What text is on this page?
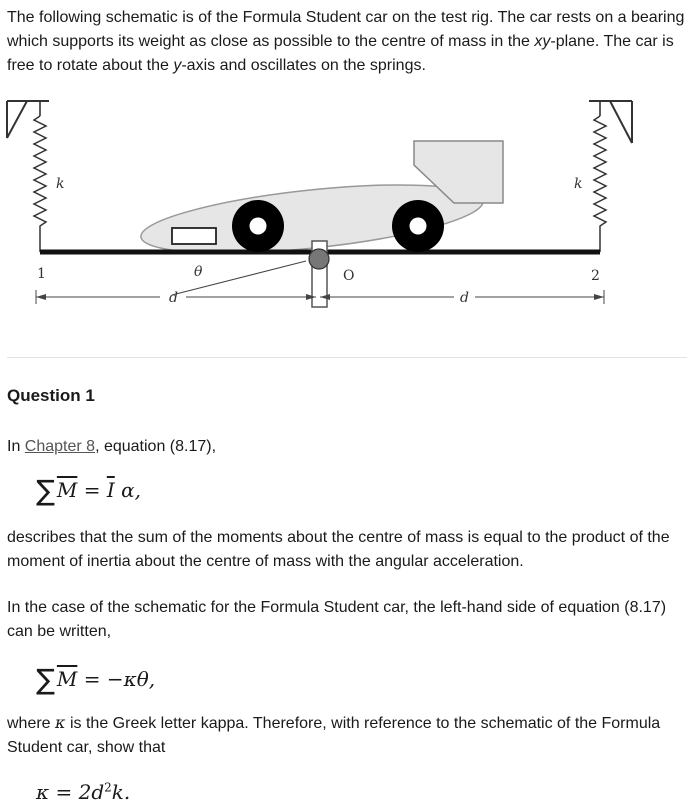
The following schematic is of the Formula Student car on the test rig. The car rests on a bearing which supports its weight as close as possible to the centre of mass in the xy-plane. The car is free to rotate about the y-axis and oscillates on the springs.

θ
k	k
1	2
O
d	d
Question 1

In Chapter 8, equation (8.17),

∑ $\overline{M} = \overline{I}$ α,

describes that the sum of the moments about the centre of mass is equal to the product of the moment of inertia about the centre of mass with the angular acceleration.

In the case of the schematic for the Formula Student car, the left-hand side of equation (8.17) can be written,

∑ $\overline{M} = -\kappa\theta$,

where κ is the Greek letter kappa. Therefore, with reference to the schematic of the Formula Student car, show that

$\kappa = 2d^2k$.
